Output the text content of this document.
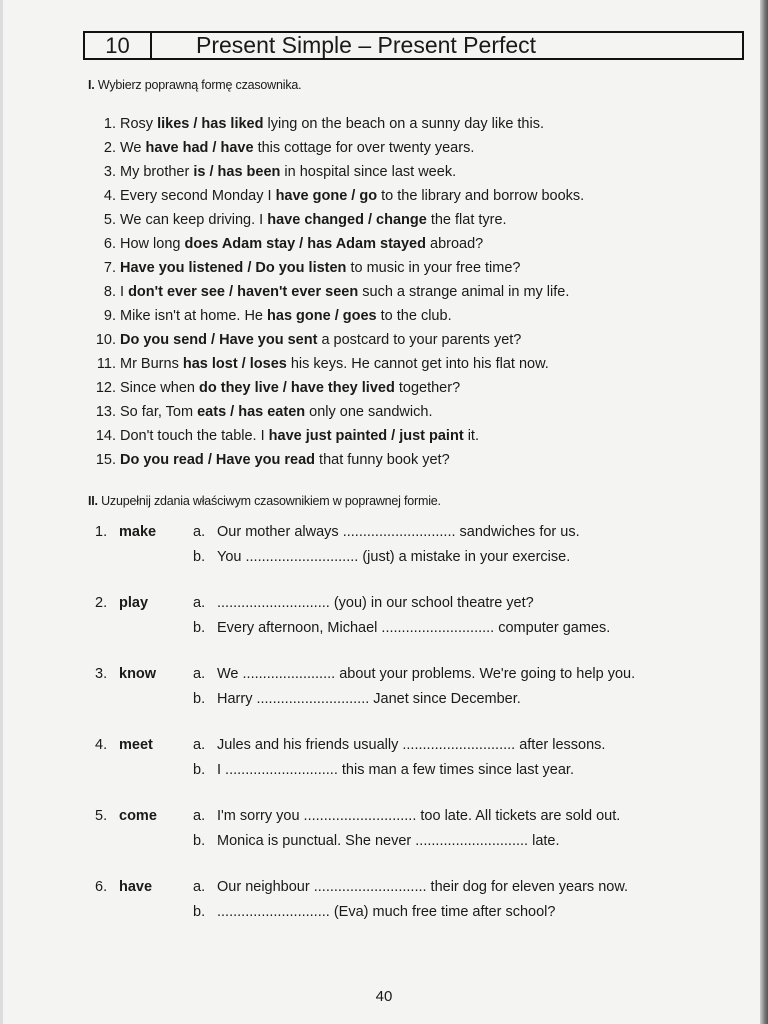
10	Present Simple – Present Perfect
I. Wybierz poprawną formę czasownika.
1. Rosy likes / has liked lying on the beach on a sunny day like this.
2. We have had / have this cottage for over twenty years.
3. My brother is / has been in hospital since last week.
4. Every second Monday I have gone / go to the library and borrow books.
5. We can keep driving. I have changed / change the flat tyre.
6. How long does Adam stay / has Adam stayed abroad?
7. Have you listened / Do you listen to music in your free time?
8. I don't ever see / haven't ever seen such a strange animal in my life.
9. Mike isn't at home. He has gone / goes to the club.
10. Do you send / Have you sent a postcard to your parents yet?
11. Mr Burns has lost / loses his keys. He cannot get into his flat now.
12. Since when do they live / have they lived together?
13. So far, Tom eats / has eaten only one sandwich.
14. Don't touch the table. I have just painted / just paint it.
15. Do you read / Have you read that funny book yet?
II. Uzupełnij zdania właściwym czasownikiem w poprawnej formie.
1. make	a. Our mother always ............................ sandwiches for us.
b. You ............................ (just) a mistake in your exercise.
2. play	a. ............................ (you) in our school theatre yet?
b. Every afternoon, Michael ............................ computer games.
3. know	a. We ....................... about your problems. We're going to help you.
b. Harry ............................ Janet since December.
4. meet	a. Jules and his friends usually ............................ after lessons.
b. I ............................ this man a few times since last year.
5. come a. I'm sorry you ............................ too late. All tickets are sold out.
b. Monica is punctual. She never ............................ late.
6. have	a. Our neighbour ............................ their dog for eleven years now.
b. ............................ (Eva) much free time after school?
40
